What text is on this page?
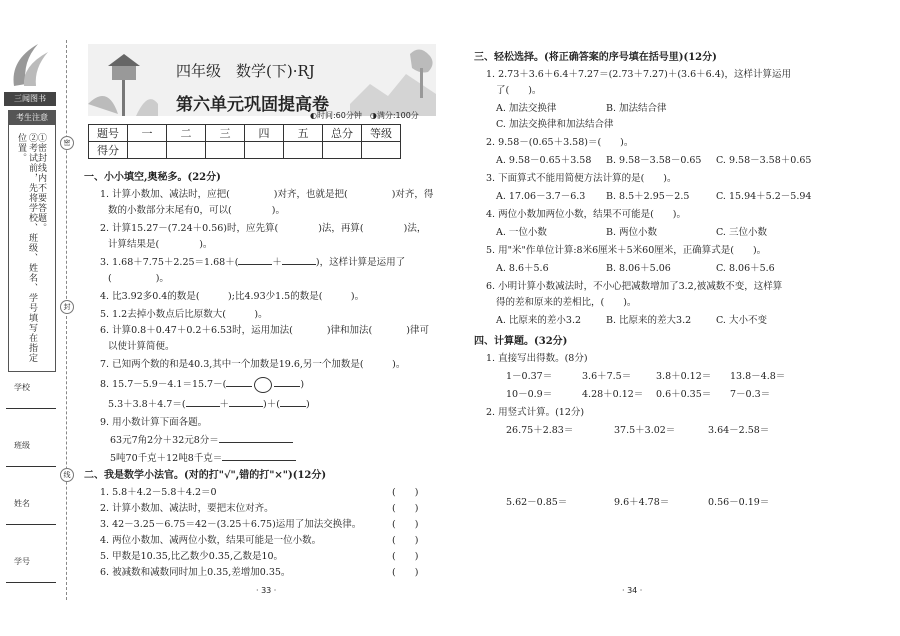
三闻图书
考生注意
①密封线内不要答题。
②考试前，先将学校、班级、姓名、学号填写在指定位置。
学校
班级
姓名
学号
密
封
线
四年级　数学(下)·RJ
第六单元巩固提高卷
◐时间:60分钟　◑满分:100分
题号	一	二	三	四	五	总分	等级
得分							
一、小小填空,奥秘多。(22分)
1. 计算小数加、减法时，应把(	)对齐，也就是把(	)对齐，得
数的小数部分末尾有0，可以(	)。
2. 计算15.27－(7.24＋0.56)时，应先算(	)法，再算(	)法，
计算结果是(	)。
3. 1.68＋7.75＋2.25＝1.68＋(	＋	)，这样计算是运用了
(	)。
4. 比3.92多0.4的数是(　　　);比4.93少1.5的数是(　　　)。
5. 1.2去掉小数点后比原数大(　　　)。
6. 计算0.8＋0.47＋0.2＋6.53时，运用加法(	)律和加法(	)律可
以使计算简便。
7. 已知两个数的和是40.3,其中一个加数是19.6,另一个加数是(　　　)。
8. 15.7－5.9－4.1＝15.7－(	)
5.3＋3.8＋4.7＝(	＋	)＋(	)
9. 用小数计算下面各题。
63元7角2分＋32元8分＝
5吨70千克＋12吨8千克＝
二、我是数学小法官。(对的打"√",错的打"×")(12分)
1. 5.8＋4.2－5.8＋4.2＝0	(　　)
2. 计算小数加、减法时，要把末位对齐。	(　　)
3. 42－3.25－6.75＝42－(3.25＋6.75)运用了加法交换律。	(　　)
4. 两位小数加、减两位小数，结果可能是一位小数。	(　　)
5. 甲数是10.35,比乙数少0.35,乙数是10。	(　　)
6. 被减数和减数同时加上0.35,差增加0.35。	(　　)
· 33 ·
三、轻松选择。(将正确答案的序号填在括号里)(12分)
1. 2.73＋3.6＋6.4＋7.27＝(2.73＋7.27)＋(3.6＋6.4)，这样计算运用
了(　　)。
A. 加法交换律	B. 加法结合律
C. 加法交换律和加法结合律
2. 9.58－(0.65＋3.58)＝(　　)。
A. 9.58－0.65＋3.58 B. 9.58－3.58－0.65 C. 9.58－3.58＋0.65
3. 下面算式不能用简便方法计算的是(　　)。
A. 17.06－3.7－6.3 B. 8.5＋2.95－2.5	C. 15.94＋5.2－5.94
4. 两位小数加两位小数，结果不可能是(　　)。
A. 一位小数	B. 两位小数	C. 三位小数
5. 用"米"作单位计算:8米6厘米＋5米60厘米，正确算式是(　　)。
A. 8.6＋5.6	B. 8.06＋5.06	C. 8.06＋5.6
6. 小明计算小数减法时，不小心把减数增加了3.2,被减数不变，这样算
得的差和原来的差相比，(　　)。
A. 比原来的差小3.2	B. 比原来的差大3.2	C. 大小不变
四、计算题。(32分)
1. 直接写出得数。(8分)
1－0.37＝	3.6＋7.5＝	3.8＋0.12＝ 13.8－4.8＝
10－0.9＝	4.28＋0.12＝ 0.6＋0.35＝ 7－0.3＝
2. 用竖式计算。(12分)
26.75＋2.83＝	37.5＋3.02＝	3.64－2.58＝
5.62－0.85＝	9.6＋4.78＝	0.56－0.19＝
· 34 ·
